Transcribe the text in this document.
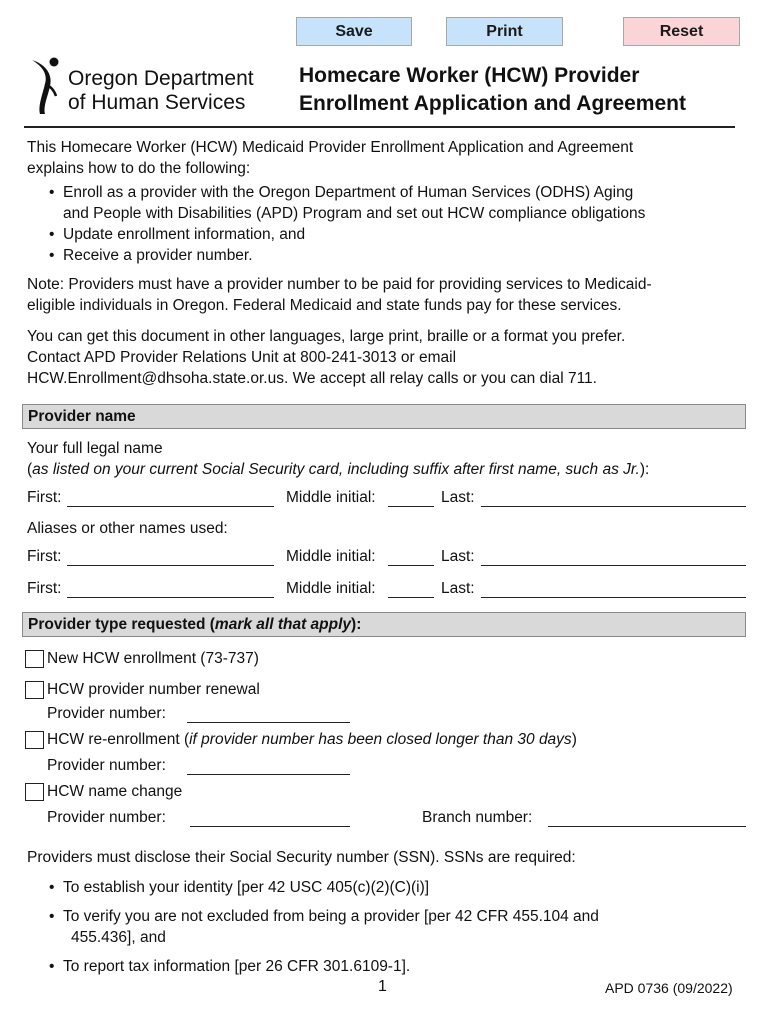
Save	Print	Reset
Oregon Department
of Human Services
Homecare Worker (HCW) Provider
Enrollment Application and Agreement
This Homecare Worker (HCW) Medicaid Provider Enrollment Application and Agreement
explains how to do the following:
• Enroll as a provider with the Oregon Department of Human Services (ODHS) Aging
and People with Disabilities (APD) Program and set out HCW compliance obligations
• Update enrollment information, and
• Receive a provider number.
Note: Providers must have a provider number to be paid for providing services to Medicaid-
eligible individuals in Oregon. Federal Medicaid and state funds pay for these services.
You can get this document in other languages, large print, braille or a format you prefer.
Contact APD Provider Relations Unit at 800-241-3013 or email
HCW.Enrollment@dhsoha.state.or.us. We accept all relay calls or you can dial 711.
Provider name
Your full legal name
(as listed on your current Social Security card, including suffix after first name, such as Jr.):
First:	Middle initial:	Last:
Aliases or other names used:
First:	Middle initial:	Last:
First:	Middle initial:	Last:
Provider type requested (mark all that apply):
New HCW enrollment (73-737)
HCW provider number renewal
Provider number:
HCW re-enrollment (if provider number has been closed longer than 30 days)
Provider number:
HCW name change
Provider number:	Branch number:
Providers must disclose their Social Security number (SSN). SSNs are required:
• To establish your identity [per 42 USC 405(c)(2)(C)(i)]
• To verify you are not excluded from being a provider [per 42 CFR 455.104 and
455.436], and
• To report tax information [per 26 CFR 301.6109-1].
1	APD 0736 (09/2022)
